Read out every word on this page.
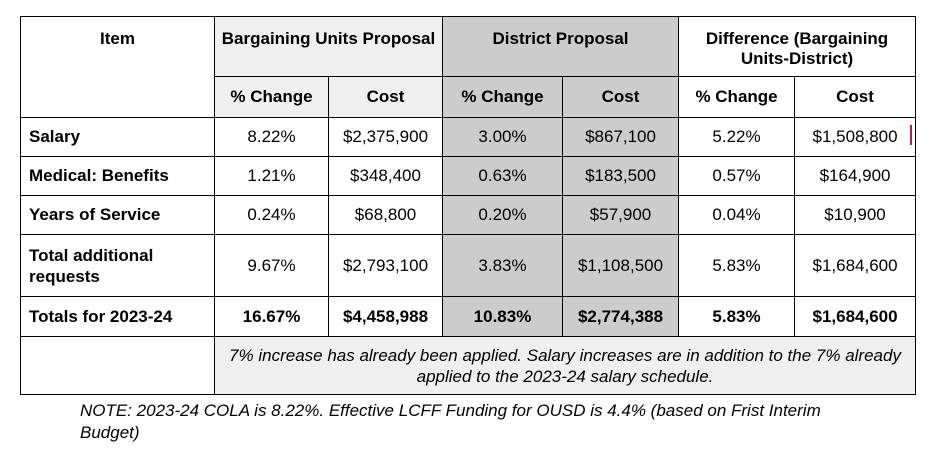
Item	Bargaining Units Proposal		District Proposal		Difference (Bargaining Units-District)	
	% Change	Cost	% Change	Cost	% Change	Cost
Salary	8.22%	$2,375,900	3.00%	$867,100	5.22%	$1,508,800
Medical: Benefits	1.21%	$348,400	0.63%	$183,500	0.57%	$164,900
Years of Service	0.24%	$68,800	0.20%	$57,900	0.04%	$10,900
Total additional requests	9.67%	$2,793,100	3.83%	$1,108,500	5.83%	$1,684,600
Totals for 2023-24	16.67%	$4,458,988	10.83%	$2,774,388	5.83%	$1,684,600
	7% increase has already been applied. Salary increases are in addition to the 7% already applied to the 2023-24 salary schedule.					
NOTE: 2023-24 COLA is 8.22%. Effective LCFF Funding for OUSD is 4.4% (based on Frist Interim Budget)
